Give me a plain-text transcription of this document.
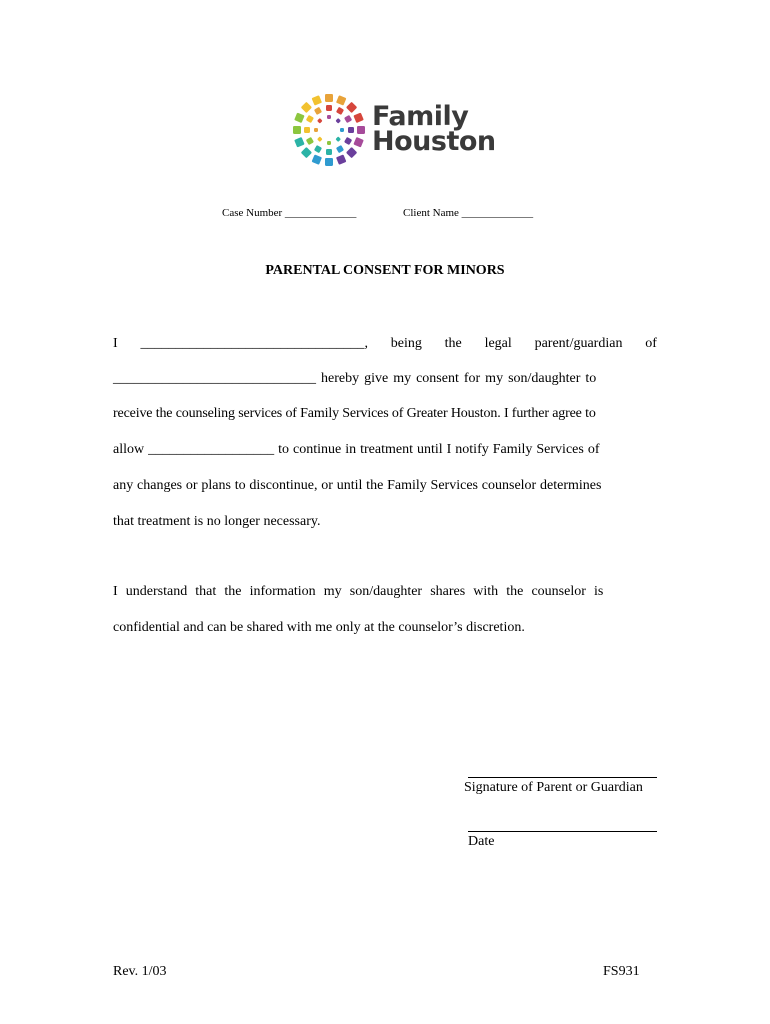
Family
Houston
Case Number _____________	Client Name _____________
PARENTAL CONSENT FOR MINORS
I ________________________________, being the legal parent/guardian of
_____________________________ hereby give my consent for my son/daughter to
receive the counseling services of Family Services of Greater Houston. I further agree to
allow __________________ to continue in treatment until I notify Family Services of
any changes or plans to discontinue, or until the Family Services counselor determines
that treatment is no longer necessary.
I understand that the information my son/daughter shares with the counselor is
confidential and can be shared with me only at the counselor’s discretion.
Signature of Parent or Guardian
Date
Rev. 1/03	FS931
